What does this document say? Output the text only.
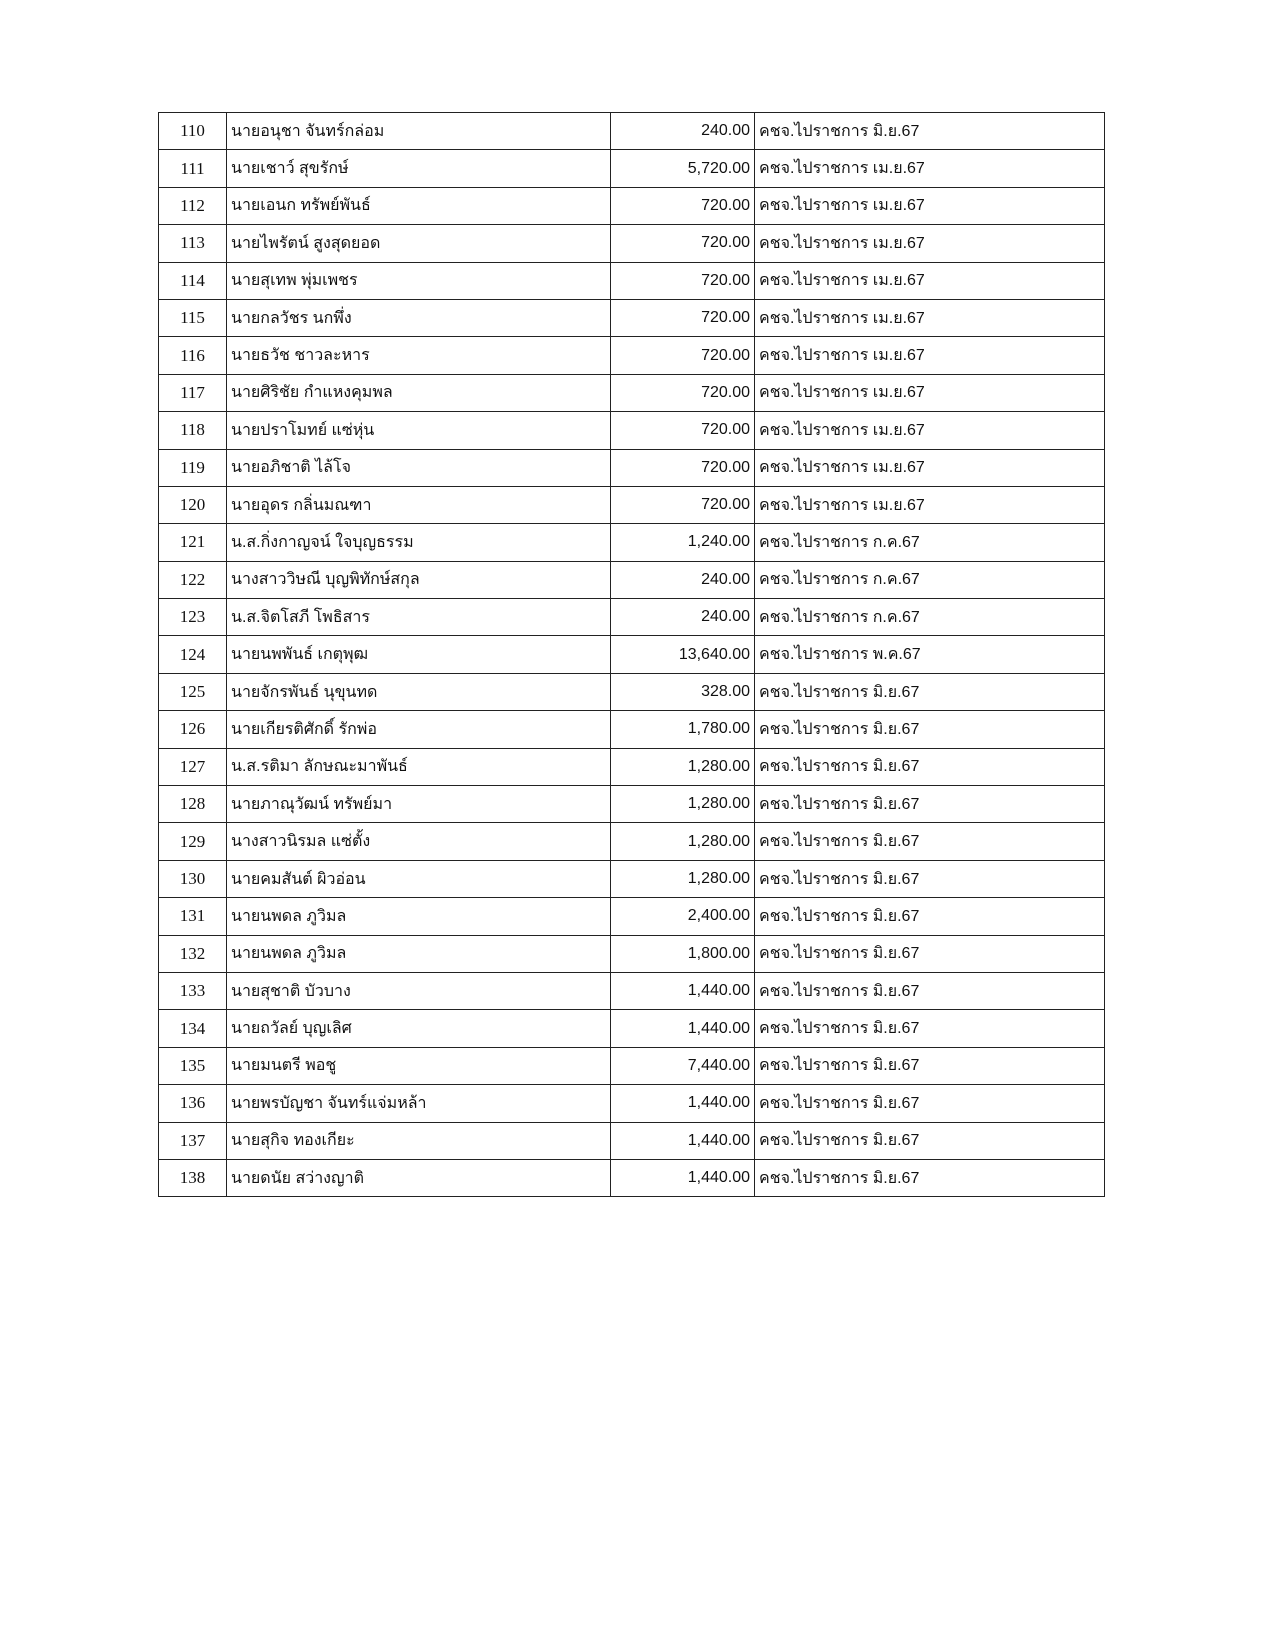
110	นายอนุชา จันทร์กล่อม	240.00	คชจ.ไปราชการ มิ.ย.67
111	นายเชาว์ สุขรักษ์	5,720.00	คชจ.ไปราชการ เม.ย.67
112	นายเอนก ทรัพย์พันธ์	720.00	คชจ.ไปราชการ เม.ย.67
113	นายไพรัตน์ สูงสุดยอด	720.00	คชจ.ไปราชการ เม.ย.67
114	นายสุเทพ พุ่มเพชร	720.00	คชจ.ไปราชการ เม.ย.67
115	นายกลวัชร นกพึ่ง	720.00	คชจ.ไปราชการ เม.ย.67
116	นายธวัช ชาวละหาร	720.00	คชจ.ไปราชการ เม.ย.67
117	นายศิริชัย กำแหงคุมพล	720.00	คชจ.ไปราชการ เม.ย.67
118	นายปราโมทย์ แซ่หุ่น	720.00	คชจ.ไปราชการ เม.ย.67
119	นายอภิชาติ ไล้โจ	720.00	คชจ.ไปราชการ เม.ย.67
120	นายอุดร กลิ่นมณฑา	720.00	คชจ.ไปราชการ เม.ย.67
121	น.ส.กิ่งกาญจน์ ใจบุญธรรม	1,240.00	คชจ.ไปราชการ ก.ค.67
122	นางสาววิษณี บุญพิทักษ์สกุล	240.00	คชจ.ไปราชการ ก.ค.67
123	น.ส.จิตโสภี โพธิสาร	240.00	คชจ.ไปราชการ ก.ค.67
124	นายนพพันธ์ เกตุพุฒ	13,640.00	คชจ.ไปราชการ พ.ค.67
125	นายจักรพันธ์ นุขุนทด	328.00	คชจ.ไปราชการ มิ.ย.67
126	นายเกียรติศักดิ์ รักพ่อ	1,780.00	คชจ.ไปราชการ มิ.ย.67
127	น.ส.รติมา ลักษณะมาพันธ์	1,280.00	คชจ.ไปราชการ มิ.ย.67
128	นายภาณุวัฒน์ ทรัพย์มา	1,280.00	คชจ.ไปราชการ มิ.ย.67
129	นางสาวนิรมล แซ่ตั้ง	1,280.00	คชจ.ไปราชการ มิ.ย.67
130	นายคมสันต์ ผิวอ่อน	1,280.00	คชจ.ไปราชการ มิ.ย.67
131	นายนพดล ภูวิมล	2,400.00	คชจ.ไปราชการ มิ.ย.67
132	นายนพดล ภูวิมล	1,800.00	คชจ.ไปราชการ มิ.ย.67
133	นายสุชาติ บัวบาง	1,440.00	คชจ.ไปราชการ มิ.ย.67
134	นายถวัลย์ บุญเลิศ	1,440.00	คชจ.ไปราชการ มิ.ย.67
135	นายมนตรี พอชู	7,440.00	คชจ.ไปราชการ มิ.ย.67
136	นายพรบัญชา จันทร์แจ่มหล้า	1,440.00	คชจ.ไปราชการ มิ.ย.67
137	นายสุกิจ ทองเกียะ	1,440.00	คชจ.ไปราชการ มิ.ย.67
138	นายดนัย สว่างญาติ	1,440.00	คชจ.ไปราชการ มิ.ย.67
